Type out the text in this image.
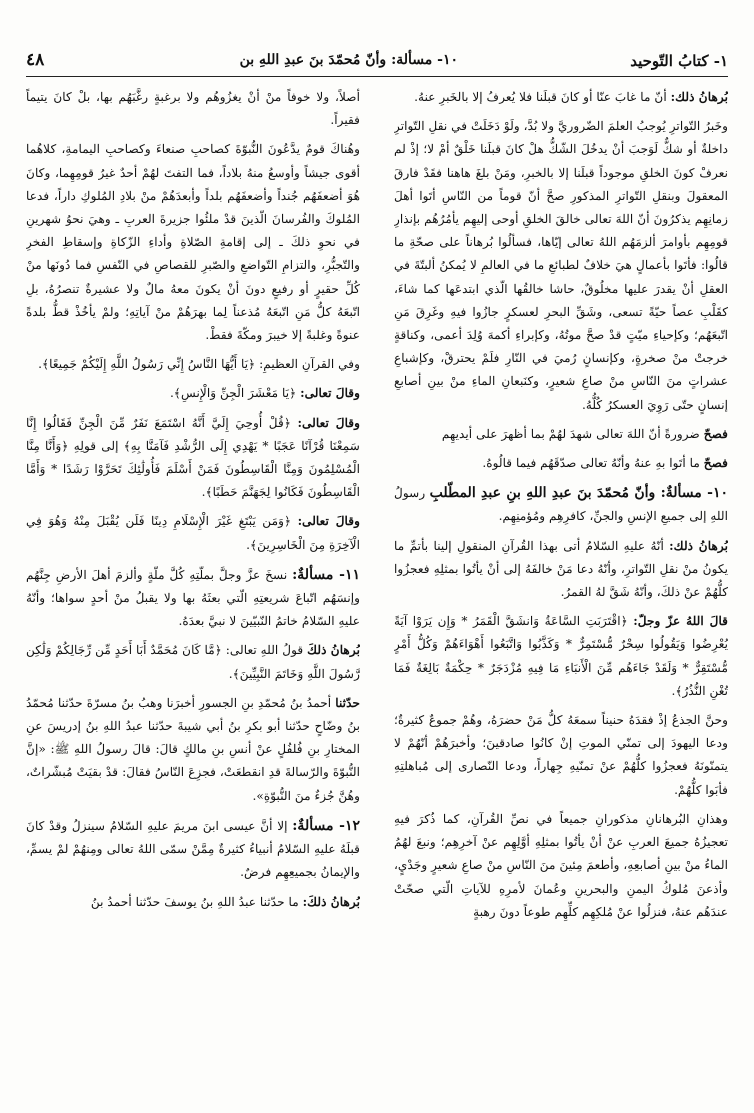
١- كتابُ التّوحيد
١٠- مسألة: وأنّ مُحمّدَ بنَ عبدِ اللهِ بن
٤٨

بُرهانُ ذلك: أنّ ما غابَ عنّا أو كانَ قبلَنا فلا يُعرفُ إلا بالخَبرِ عنهُ.

وخَبرُ التّواترِ يُوجبُ العلمَ الضّروريَّ ولا بُدَّ، ولَوْ دَخَلَتْ في نقلِ التّواترِ داخلةٌ أو شكٌّ لَوَجبَ أنْ يدخُلَ الشّكُّ هلْ كانَ قبلَنا خَلْقٌ أمْ لا؛ إذْ لم نعرفْ كونَ الخلقِ موجوداً قبلَنا إلا بالخبرِ، ومَنْ بلغَ هاهنا فقَدْ فارقَ المعقولَ وبنقلِ التّواترِ المذكورِ صحَّ أنّ قوماً من النّاسِ أتَوا أهلَ زمانِهِم يذكرُونَ أنّ اللهَ تعالى خالقَ الخلقِ أوحى إليهِم يأمُرُهُم بإنذارِ قومِهِم بأوامرَ ألزمَهُم اللهُ تعالى إيّاها، فسألُوا بُرهاناً على صحّةِ ما قالُوا: فأتَوا بأعمالٍ هيَ خلافٌ لطبائعِ ما في العالمِ لا يُمكنُ ألبتّةَ في العقلِ أنْ يقدرَ عليها مخلُوقٌ، حاشا خالقُها الّذي ابتدعَها كما شاءَ، كقَلْبِ عصاً حيّةً تسعى، وشَقِّ البحرِ لعسكرٍ جازُوا فيهِ وغَرِقَ مَنِ اتّبعَهُم؛ وكإحياءِ ميّتٍ قدْ صحَّ موتُهُ، وكإبراءِ أكمهَ وُلِدَ أعمى، وكناقةٍ خرجتْ منْ صخرةٍ، وكإنسانٍ رُميَ في النّارِ فلَمْ يحترقْ، وكإشباعِ عشراتٍ منَ النّاسِ منْ صاعِ شعيرٍ، وكنَبعانِ الماءِ منْ بينِ أصابعِ إنسانٍ حتّى رَوِيَ العسكرُ كُلُّهُ.

فصحّ ضرورةً أنّ اللهَ تعالى شهدَ لهُمْ بما أظهرَ على أيديهِم

فصحّ ما أتَوا بهِ عنهُ وأنّهُ تعالى صدّقَهُم فيما قالُوهُ.

١٠- مسألةٌ: وأنّ مُحمّدَ بنَ عبدِ اللهِ بنِ عبدِ المطّلبِ رسولُ اللهِ إلى جميعِ الإنسِ والجنِّ، كافرِهِم ومُؤمنِهِم.

بُرهانُ ذلك: أنّهُ عليهِ السّلامُ أتى بهذا القُرآنِ المنقولِ إلينا بأتمِّ ما يكونُ منْ نقلِ التّواترِ، وأنّهُ دعا مَنْ خالفَهُ إلى أنْ يأتُوا بمثلِهِ فعجزُوا كلُّهُمْ عنْ ذلكَ، وأنّهُ شَقَّ لهُ القمرُ.

قالَ اللهُ عزّ وجلّ: ﴿اقْتَرَبَتِ السَّاعَةُ وَانشَقَّ الْقَمَرُ * وَإِن يَرَوْا آيَةً يُعْرِضُوا وَيَقُولُوا سِحْرٌ مُّسْتَمِرٌّ * وَكَذَّبُوا وَاتَّبَعُوا أَهْوَاءَهُمْ وَكُلُّ أَمْرٍ مُّسْتَقِرٌّ * وَلَقَدْ جَاءَهُم مِّنَ الْأَنبَاءِ مَا فِيهِ مُزْدَجَرٌ * حِكْمَةٌ بَالِغَةٌ فَمَا تُغْنِ النُّذُرُ﴾.

وحنَّ الجذعُ إذْ فقدَهُ حنيناً سمعَهُ كلُّ مَنْ حضرَهُ، وهُمْ جموعٌ كثيرةٌ؛ ودعا اليهودَ إلى تمنّي الموتِ إنْ كانُوا صادقينَ؛ وأخبرَهُمْ أنّهُمْ لا يتمنّونَهُ فعجزُوا كلُّهُمْ عنْ تمنّيهِ جِهاراً، ودعا النّصارى إلى مُباهلتِهِ فأبَوا كلُّهُمْ.

وهذانِ البُرهانانِ مذكورانِ جميعاً في نصِّ القُرآنِ، كما ذُكرَ فيهِ تعجيزُهُ جميعَ العربِ عنْ أنْ يأتُوا بمثلِهِ أوَّلِهِم عنْ آخرِهِم؛ ونبعَ لهُمُ الماءُ منْ بينِ أصابعِهِ، وأطعمَ مِئينَ منَ النّاسِ منْ صاعِ شعيرٍ وجَدْيٍ، وأذعنَ مُلوكُ اليمنِ والبحرينِ وعُمانَ لأمرِهِ للآياتِ الّتي صحّتْ عندَهُم عنهُ، فنزلُوا عنْ مُلكِهِم كلِّهِم طوعاً دونَ رهبةٍ

أصلاً، ولا خوفاً منْ أنْ يغزُوهُم ولا برغبةٍ رغَّبَهُم بها، بلْ كانَ يتيماً فقيراً.

وهُناكَ قومٌ يدَّعُونَ النُّبوّةَ كصاحبِ صنعاءَ وكصاحبِ اليمامةِ، كلاهُما أقوى جيشاً وأوسعُ منهُ بلاداً، فما التفتَ لهُمْ أحدٌ غيرُ قومِهِما، وكانَ هُوَ أضعفَهُم جُنداً وأضعفَهُم بلداً وأبعدَهُمْ منْ بلادِ المُلوكِ داراً، فدعا المُلوكَ والفُرسانَ الّذينَ قدْ ملئُوا جزيرةَ العربِ ـ وهيَ نحوُ شهرينِ في نحوِ ذلكَ ـ إلى إقامةِ الصّلاةِ وأداءِ الزّكاةِ وإسقاطِ الفخرِ والتّجبُّرِ، والتزامِ التّواضعِ والصّبرِ للقصاصِ في النّفسِ فما دُونَها منْ كُلِّ حقيرٍ أو رفيعٍ دونَ أنْ يكونَ معهُ مالٌ ولا عشيرةٌ تنصرُهُ، بلِ اتّبعَهُ كلُّ مَنِ اتّبعَهُ مُذعناً لِما بهرَهُمْ منْ آياتِهِ؛ ولمْ يأخُذْ قطُّ بلدةً عنوةً وغلبةً إلا خيبرَ ومكّةَ فقطْ.

وفي القرآنِ العظيمِ: ﴿يَا أَيُّهَا النَّاسُ إِنِّي رَسُولُ اللَّهِ إِلَيْكُمْ جَمِيعًا﴾.

وقالَ تعالى: ﴿يَا مَعْشَرَ الْجِنِّ وَالْإِنسِ﴾.

وقالَ تعالى: ﴿قُلْ أُوحِيَ إِلَيَّ أَنَّهُ اسْتَمَعَ نَفَرٌ مِّنَ الْجِنِّ فَقَالُوا إِنَّا سَمِعْنَا قُرْآنًا عَجَبًا * يَهْدِي إِلَى الرُّشْدِ فَآمَنَّا بِهِ﴾ إلى قولِهِ ﴿وَأَنَّا مِنَّا الْمُسْلِمُونَ وَمِنَّا الْقَاسِطُونَ فَمَنْ أَسْلَمَ فَأُولَٰئِكَ تَحَرَّوْا رَشَدًا * وَأَمَّا الْقَاسِطُونَ فَكَانُوا لِجَهَنَّمَ حَطَبًا﴾.

وقالَ تعالى: ﴿وَمَن يَبْتَغِ غَيْرَ الْإِسْلَامِ دِينًا فَلَن يُقْبَلَ مِنْهُ وَهُوَ فِي الْآخِرَةِ مِنَ الْخَاسِرِينَ﴾.

١١- مسألةٌ: نسخَ عزَّ وجلَّ بملّتِهِ كُلَّ ملّةٍ وألزمَ أهلَ الأرضِ جِنَّهُم وإنسَهُم اتّباعَ شريعتِهِ الّتي بعثَهُ بها ولا يقبلُ منْ أحدٍ سواها؛ وأنّهُ عليهِ السّلامُ خاتمُ النّبيّينَ لا نبيَّ بعدَهُ.

بُرهانُ ذلكَ قولُ اللهِ تعالى: ﴿مَّا كَانَ مُحَمَّدٌ أَبَا أَحَدٍ مِّن رِّجَالِكُمْ وَلَٰكِن رَّسُولَ اللَّهِ وَخَاتَمَ النَّبِيِّينَ﴾.

حدّثنا أحمدُ بنُ مُحمّدِ بنِ الجسورِ أخبرَنا وهبُ بنُ مسرّةَ حدّثنا مُحمّدُ بنُ وضّاحٍ حدّثنا أبو بكرِ بنُ أبي شيبةَ حدّثنا عبدُ اللهِ بنُ إدريسَ عنِ المختارِ بنِ فُلفُلٍ عنْ أنسِ بنِ مالكٍ قالَ: قالَ رسولُ اللهِ ﷺ: «إنَّ النُّبوّةَ والرّسالةَ قدِ انقطعَتْ، فجزِعَ النّاسُ فقالَ: قدْ بقيَتْ مُبشّراتٌ، وهُنَّ جُزءٌ منَ النُّبوّةِ».

١٢- مسألةٌ: إلا أنَّ عيسى ابنَ مريمَ عليهِ السّلامُ سينزلُ وقدْ كانَ قبلَهُ عليهِ السّلامُ أنبياءُ كثيرةٌ مِمَّنْ سمّى اللهُ تعالى ومِنهُمْ لمْ يسمِّ، والإيمانُ بجميعِهِم فرضٌ.

بُرهانُ ذلكَ: ما حدّثنا عبدُ اللهِ بنُ يوسفَ حدّثنا أحمدُ بنُ
